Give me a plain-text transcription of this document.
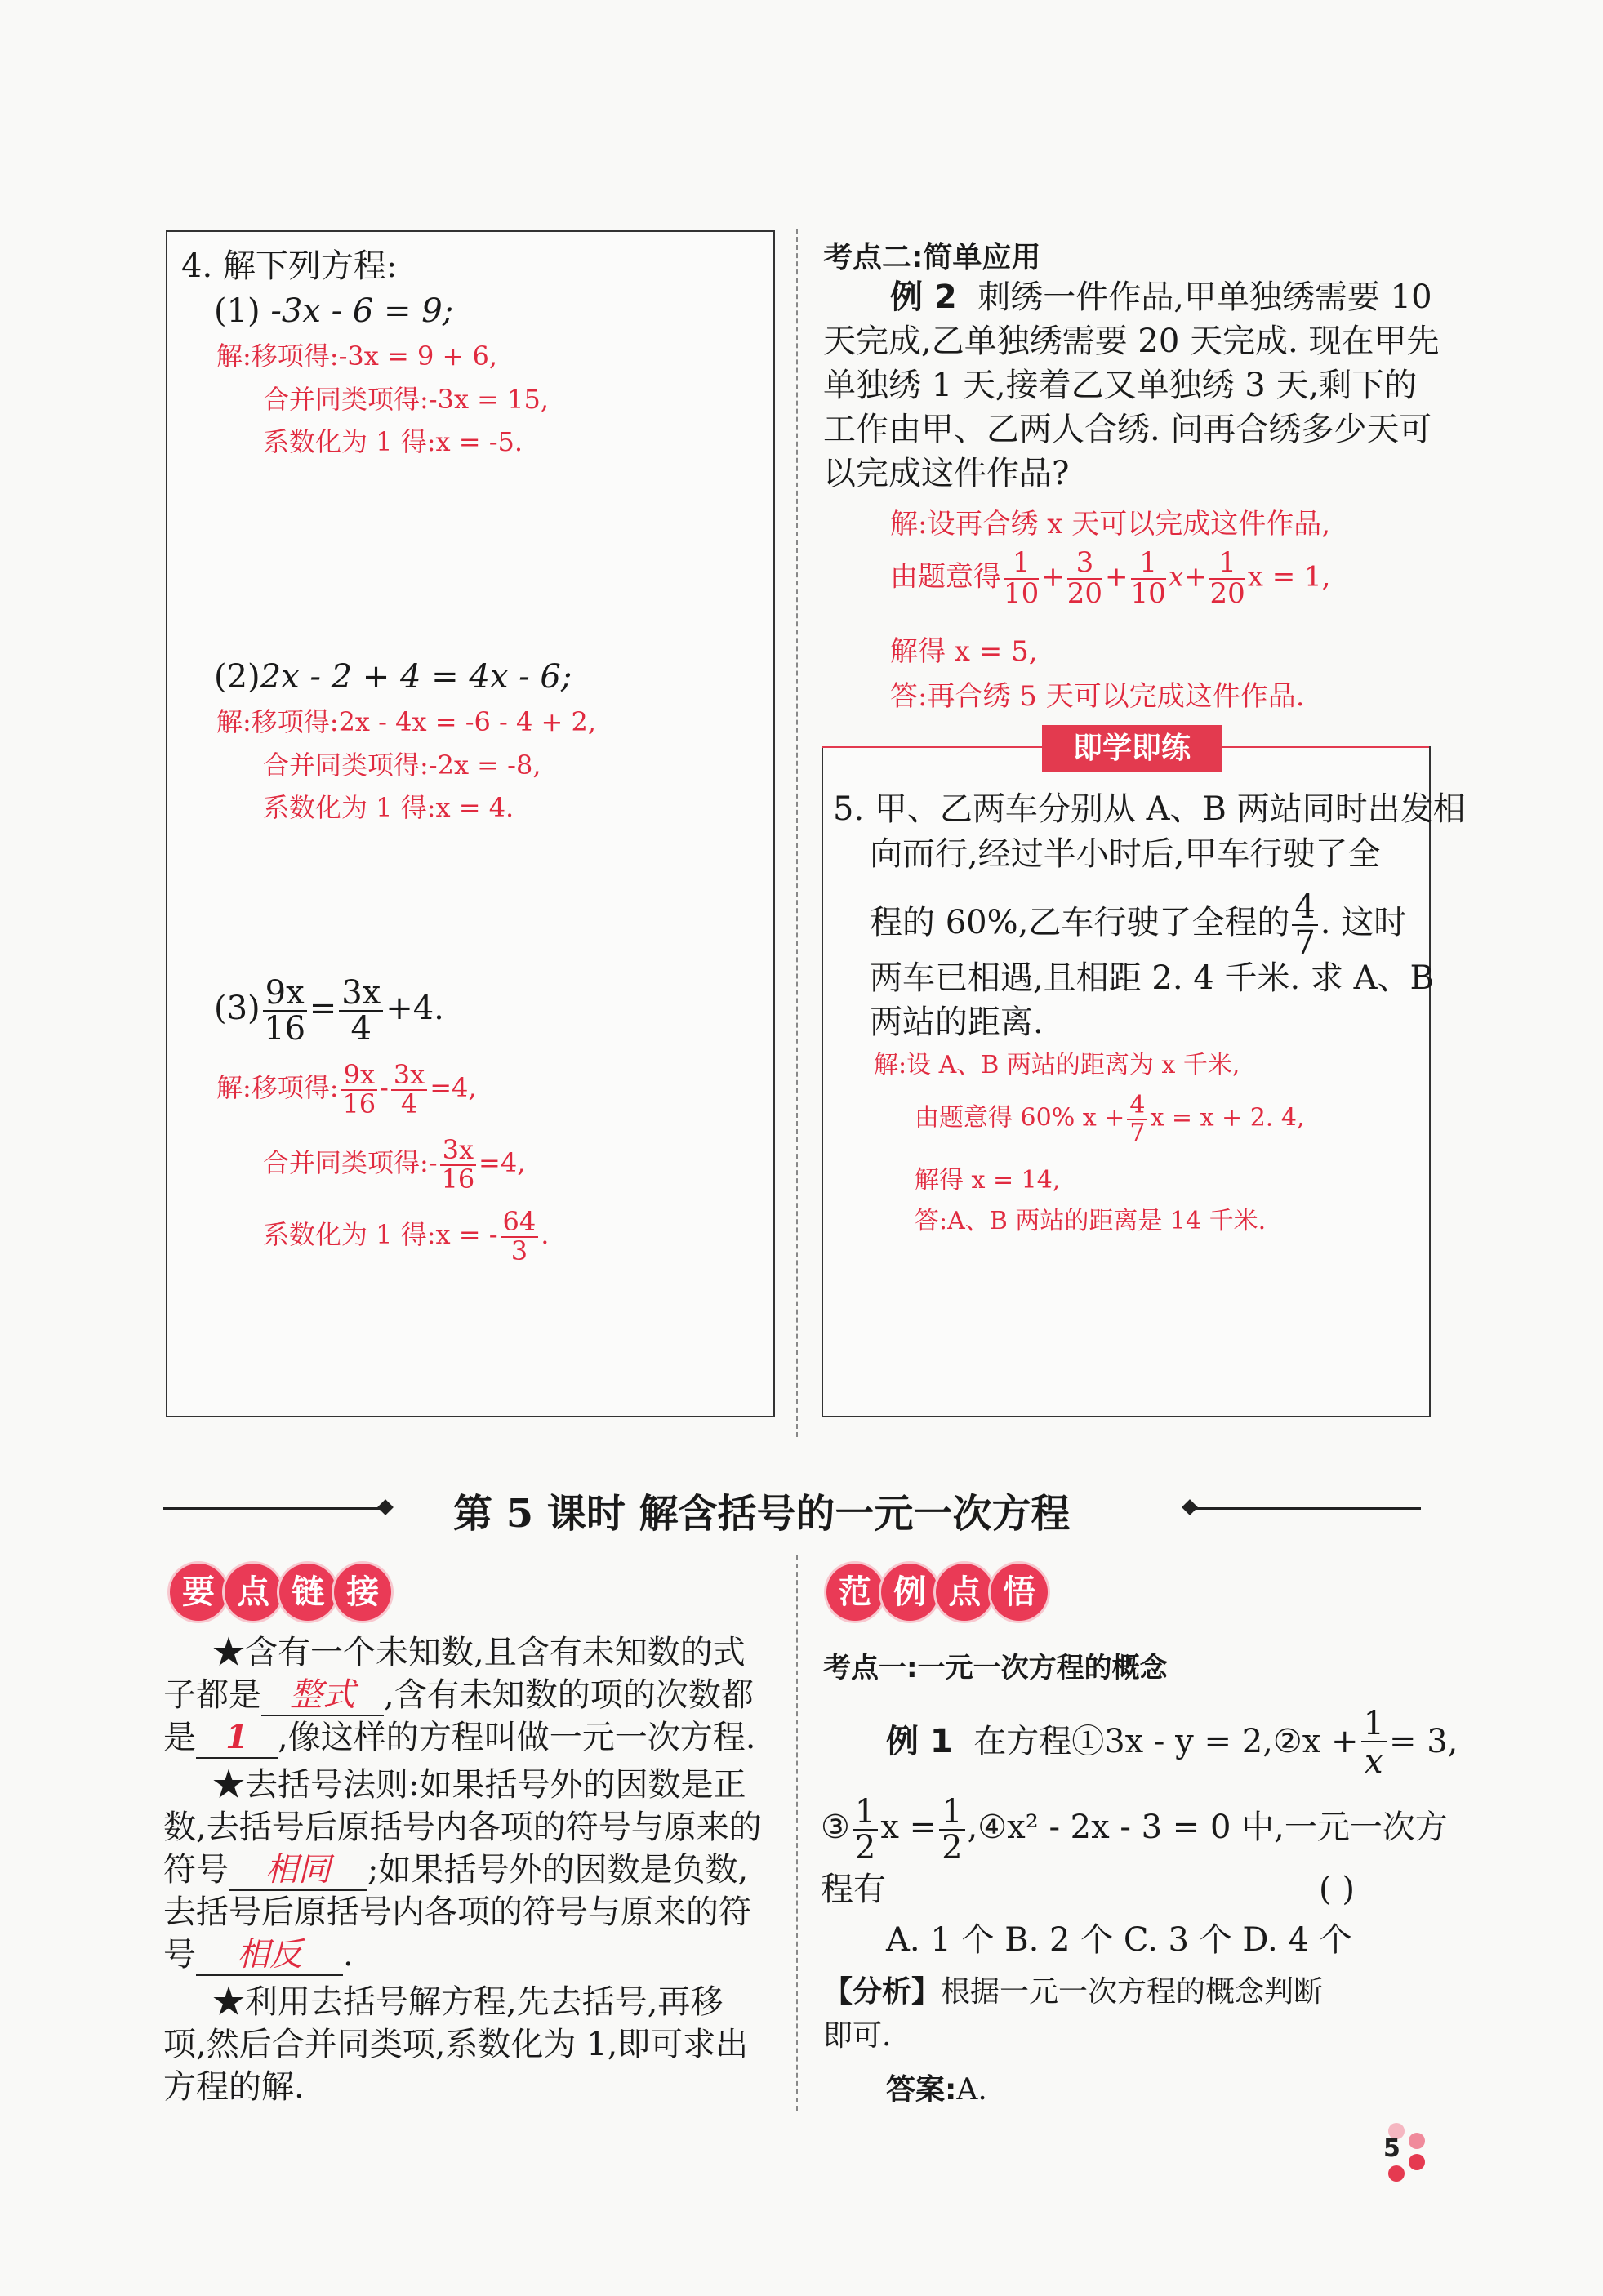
4. 解下列方程:
(1) -3x - 6 = 9;
解:移项得:-3x = 9 + 6,
合并同类项得:-3x = 15,
系数化为 1 得:x = -5.
(2)2x - 2 + 4 = 4x - 6;
解:移项得:2x - 4x = -6 - 4 + 2,
合并同类项得:-2x = -8,
系数化为 1 得:x = 4.
$(3) \frac{9x}{16} = \frac{3x}{4} +4$.
解:移项得: $\frac{9x}{16} - \frac{3x}{4} =4$,
合并同类项得:- $\frac{3x}{16} =4$,
系数化为 1 得:x = - $\frac{64}{3}$ .
考点二:简单应用
例 2 刺绣一件作品,甲单独绣需要 10
天完成,乙单独绣需要 20 天完成. 现在甲先
单独绣 1 天,接着乙又单独绣 3 天,剩下的
工作由甲、乙两人合绣. 问再合绣多少天可
以完成这件作品?
解:设再合绣 x 天可以完成这件作品,
由题意得 $\frac{1}{10} + \frac{3}{20} + \frac{1}{10} x+ \frac{1}{20}$ x = 1,
解得 x = 5,
答:再合绣 5 天可以完成这件作品.
即学即练
5. 甲、乙两车分别从 A、B 两站同时出发相
向而行,经过半小时后,甲车行驶了全
程的 60%,乙车行驶了全程的 $\frac{4}{7}$ . 这时
两车已相遇,且相距 2. 4 千米. 求 A、B
两站的距离.
解:设 A、B 两站的距离为 x 千米,
由题意得 60% $x + \frac{4}{7}$ x = x + 2. 4,
解得 x = 14,
答:A、B 两站的距离是 14 千米.
第 5 课时 解含括号的一元一次方程
要 点 链 接
★含有一个未知数,且含有未知数的式
子都是 整式 ,含有未知数的项的次数都
是 1 ,像这样的方程叫做一元一次方程.
★去括号法则:如果括号外的因数是正
数,去括号后原括号内各项的符号与原来的
符号 相同 ;如果括号外的因数是负数,
去括号后原括号内各项的符号与原来的符
号 相反 .
★利用去括号解方程,先去括号,再移
项,然后合并同类项,系数化为 1,即可求出
方程的解.
范 例 点 悟
考点一:一元一次方程的概念
例 1 在方程①3x - y = 2,②x + $\frac{1}{x}= 3$,
③ $\frac{1}{2}$ $x = \frac{1}{2}$ ,④x² - 2x - 3 = 0 中,一元一次方
程有	( )
A. 1 个 B. 2 个 C. 3 个 D. 4 个
【分析】根据一元一次方程的概念判断
即可.
答案:A.
5
